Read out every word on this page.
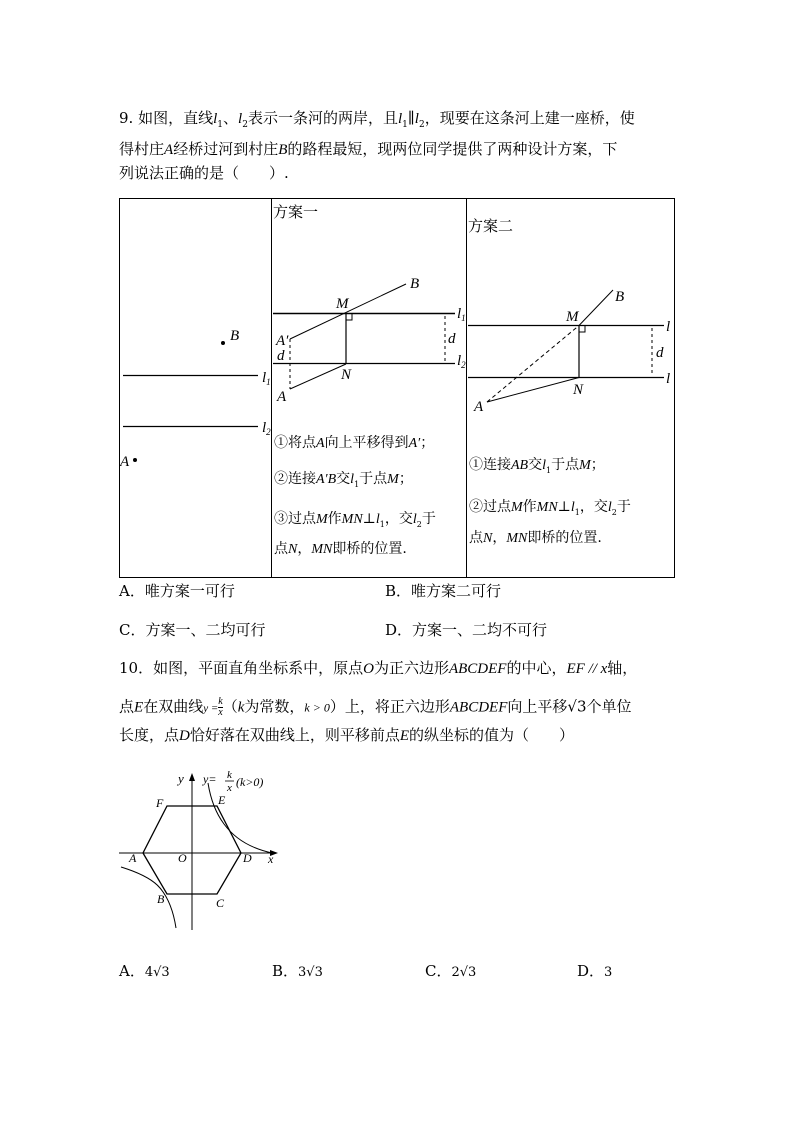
9. 如图，直线$l_1$、$l_2$表示一条河的两岸，且$l_1\parallel l_2$，现要在这条河上建一座桥，使
得村庄A经桥过河到村庄B的路程最短，现两位同学提供了两种设计方案，下
列说法正确的是（　　）.
B
$l_1$
$l_2$
A
方案一
B
M
$l_1$
A′
d
d
$l_2$
N
A
方案二
B
M
l
d
l
N
A
①将点A向上平移得到A′；
②连接A′B交$l_1$于点M；
③过点M作$MN\perp l_1$，交$l_2$于
点N，MN即桥的位置.
①连接AB交$l_1$于点M；
②过点M作$MN\perp l_1$，交$l_2$于
点N，MN即桥的位置.
A．唯方案一可行	B．唯方案二可行
C．方案一、二均可行	D．方案一、二均不可行
10．如图，平面直角坐标系中，原点O为正六边形ABCDEF的中心，EF // x轴，
点E在双曲线$y = \frac{k}{x} (k$为常数，k > 0）上，将正六边形ABCDEF向上平移√3个单位
长度，点D恰好落在双曲线上，则平移前点E的纵坐标的值为（　　）
y y= k
x (k>0)
F	E
A	O	D x
B	C
A．4√3	B．3√3	C．2√3	D．3
